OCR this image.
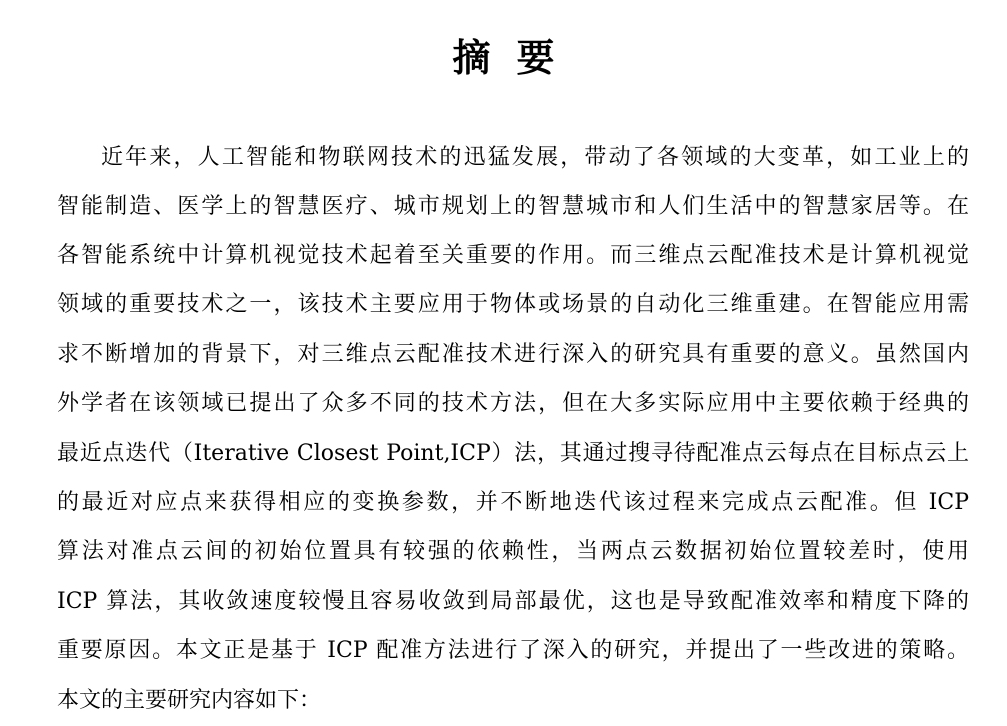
摘要
近年来，人工智能和物联网技术的迅猛发展，带动了各领域的大变革，如工业上的
智能制造、医学上的智慧医疗、城市规划上的智慧城市和人们生活中的智慧家居等。在
各智能系统中计算机视觉技术起着至关重要的作用。而三维点云配准技术是计算机视觉
领域的重要技术之一，该技术主要应用于物体或场景的自动化三维重建。在智能应用需
求不断增加的背景下，对三维点云配准技术进行深入的研究具有重要的意义。虽然国内
外学者在该领域已提出了众多不同的技术方法，但在大多实际应用中主要依赖于经典的
最近点迭代（Iterative Closest Point,ICP）法，其通过搜寻待配准点云每点在目标点云上
的最近对应点来获得相应的变换参数，并不断地迭代该过程来完成点云配准。但 ICP
算法对准点云间的初始位置具有较强的依赖性，当两点云数据初始位置较差时，使用
ICP 算法，其收敛速度较慢且容易收敛到局部最优，这也是导致配准效率和精度下降的
重要原因。本文正是基于 ICP 配准方法进行了深入的研究，并提出了一些改进的策略。
本文的主要研究内容如下：
